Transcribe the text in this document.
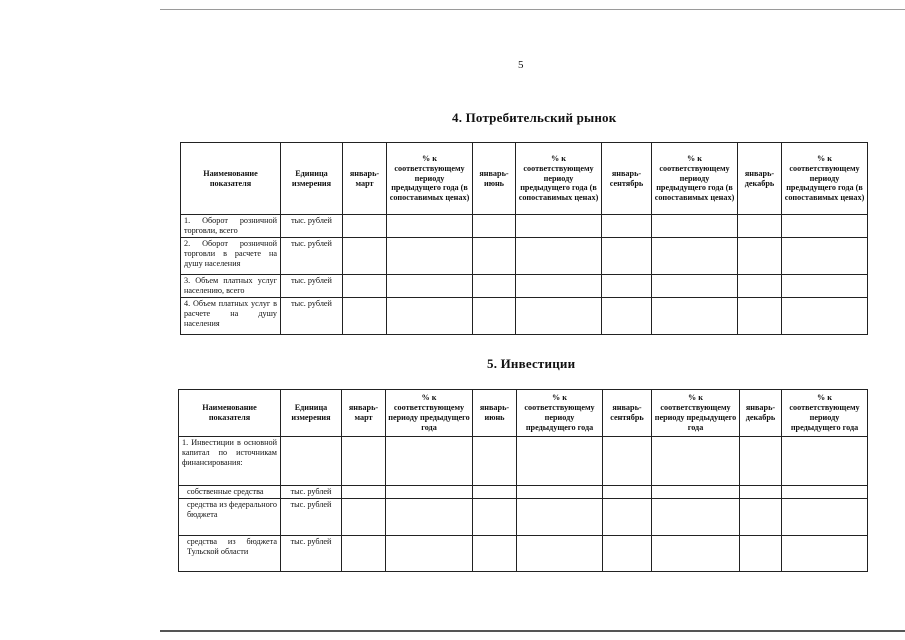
5
4. Потребительский рынок
Наименование показателя	Единица измерения	январь-март	% к соответствующему периоду предыдущего года (в сопоставимых ценах)	январь-июнь	% к соответствующему периоду предыдущего года (в сопоставимых ценах)	январь-сентябрь	% к соответствующему периоду предыдущего года (в сопоставимых ценах)	январь-декабрь	% к соответствующему периоду предыдущего года (в сопоставимых ценах)
1. Оборот розничной торговли, всего	тыс. рублей								
2. Оборот розничной торговли в расчете на душу населения	тыс. рублей								
3. Объем платных услуг населению, всего	тыс. рублей								
4. Объем платных услуг в расчете на душу населения	тыс. рублей								
5. Инвестиции
Наименование показателя	Единица измерения	январь-март	% к соответствующему периоду предыдущего года	январь-июнь	% к соответствующему периоду предыдущего года	январь-сентябрь	% к соответствующему периоду предыдущего года	январь-декабрь	% к соответствующему периоду предыдущего года
1. Инвестиции в основной капитал по источникам финансирования:									
собственные средства	тыс. рублей								
средства из федерального бюджета	тыс. рублей								
средства из бюджета Тульской области	тыс. рублей								
